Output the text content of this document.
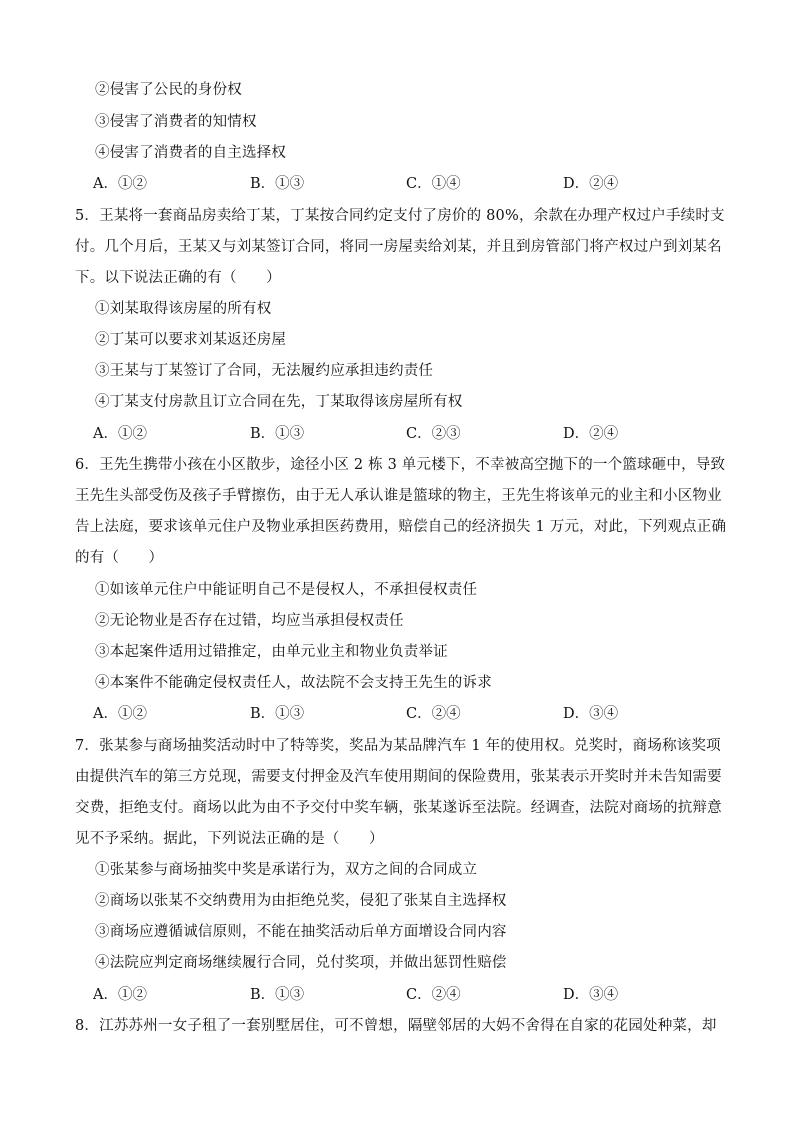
②侵害了公民的身份权
③侵害了消费者的知情权
④侵害了消费者的自主选择权
A．①②	B．①③	C．①④	D．②④
5．王某将一套商品房卖给丁某，丁某按合同约定支付了房价的 80%，余款在办理产权过户手续时支
付。几个月后，王某又与刘某签订合同，将同一房屋卖给刘某，并且到房管部门将产权过户到刘某名
下。以下说法正确的有（　　）
①刘某取得该房屋的所有权
②丁某可以要求刘某返还房屋
③王某与丁某签订了合同，无法履约应承担违约责任
④丁某支付房款且订立合同在先，丁某取得该房屋所有权
A．①②	B．①③	C．②③	D．②④
6．王先生携带小孩在小区散步，途径小区 2 栋 3 单元楼下，不幸被高空抛下的一个篮球砸中，导致
王先生头部受伤及孩子手臂擦伤，由于无人承认谁是篮球的物主，王先生将该单元的业主和小区物业
告上法庭，要求该单元住户及物业承担医药费用，赔偿自己的经济损失 1 万元，对此，下列观点正确
的有（　　）
①如该单元住户中能证明自己不是侵权人，不承担侵权责任
②无论物业是否存在过错，均应当承担侵权责任
③本起案件适用过错推定，由单元业主和物业负责举证
④本案件不能确定侵权责任人，故法院不会支持王先生的诉求
A．①②	B．①③	C．②④	D．③④
7．张某参与商场抽奖活动时中了特等奖，奖品为某品牌汽车 1 年的使用权。兑奖时，商场称该奖项
由提供汽车的第三方兑现，需要支付押金及汽车使用期间的保险费用，张某表示开奖时并未告知需要
交费，拒绝支付。商场以此为由不予交付中奖车辆，张某遂诉至法院。经调查，法院对商场的抗辩意
见不予采纳。据此，下列说法正确的是（　　）
①张某参与商场抽奖中奖是承诺行为，双方之间的合同成立
②商场以张某不交纳费用为由拒绝兑奖，侵犯了张某自主选择权
③商场应遵循诚信原则，不能在抽奖活动后单方面增设合同内容
④法院应判定商场继续履行合同，兑付奖项，并做出惩罚性赔偿
A．①②	B．①③	C．②④	D．③④
8．江苏苏州一女子租了一套别墅居住，可不曾想，隔壁邻居的大妈不舍得在自家的花园处种菜，却
